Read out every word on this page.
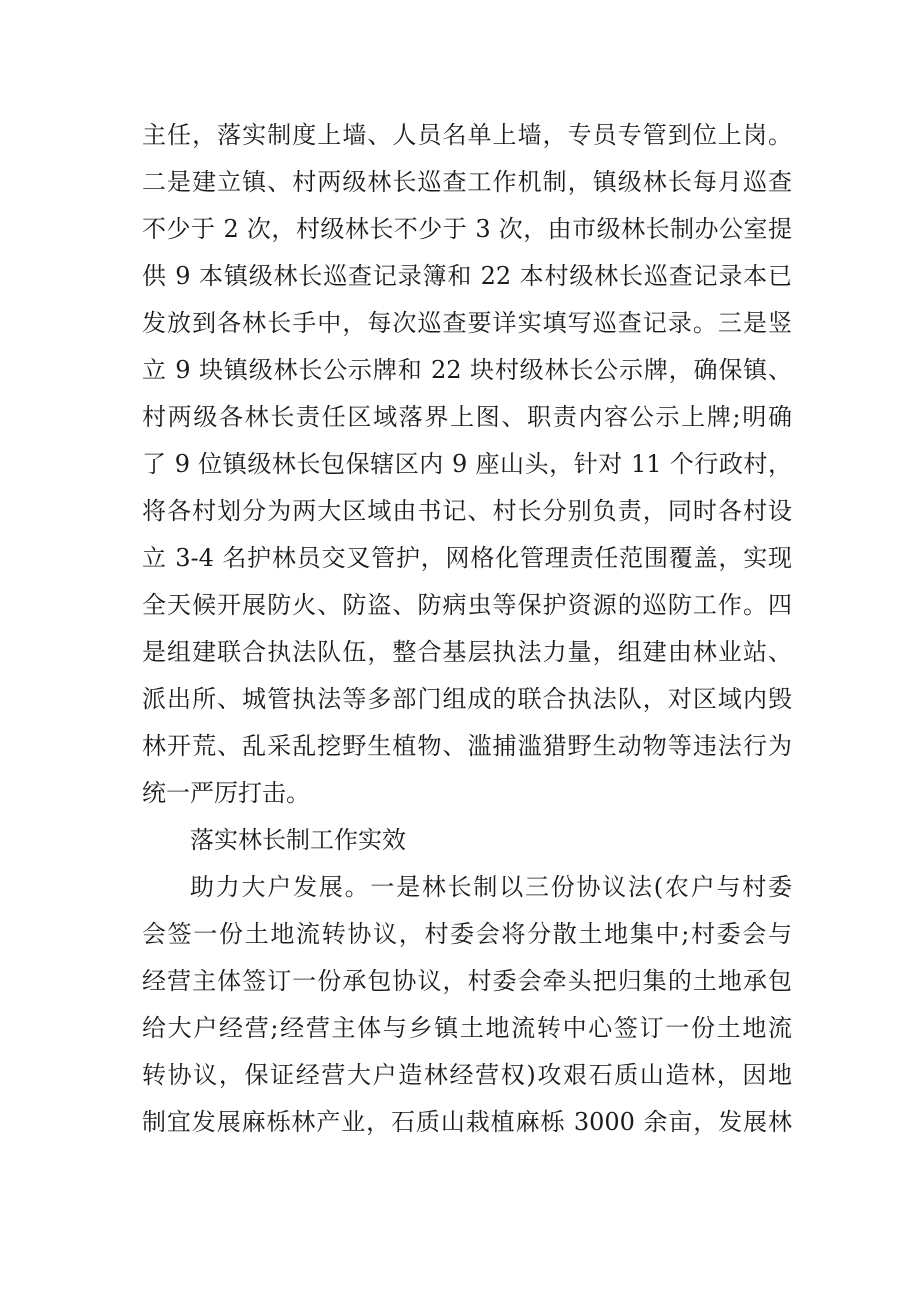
主任，落实制度上墙、人员名单上墙，专员专管到位上岗。
二是建立镇、村两级林长巡查工作机制，镇级林长每月巡查
不少于 2 次，村级林长不少于 3 次，由市级林长制办公室提
供 9 本镇级林长巡查记录簿和 22 本村级林长巡查记录本已
发放到各林长手中，每次巡查要详实填写巡查记录。三是竖
立 9 块镇级林长公示牌和 22 块村级林长公示牌，确保镇、
村两级各林长责任区域落界上图、职责内容公示上牌;明确
了 9 位镇级林长包保辖区内 9 座山头，针对 11 个行政村，
将各村划分为两大区域由书记、村长分别负责，同时各村设
立 3-4 名护林员交叉管护，网格化管理责任范围覆盖，实现
全天候开展防火、防盗、防病虫等保护资源的巡防工作。四
是组建联合执法队伍，整合基层执法力量，组建由林业站、
派出所、城管执法等多部门组成的联合执法队，对区域内毁
林开荒、乱采乱挖野生植物、滥捕滥猎野生动物等违法行为
统一严厉打击。
落实林长制工作实效
助力大户发展。一是林长制以三份协议法(农户与村委
会签一份土地流转协议，村委会将分散土地集中;村委会与
经营主体签订一份承包协议，村委会牵头把归集的土地承包
给大户经营;经营主体与乡镇土地流转中心签订一份土地流
转协议，保证经营大户造林经营权)攻艰石质山造林，因地
制宜发展麻栎林产业，石质山栽植麻栎 3000 余亩，发展林
